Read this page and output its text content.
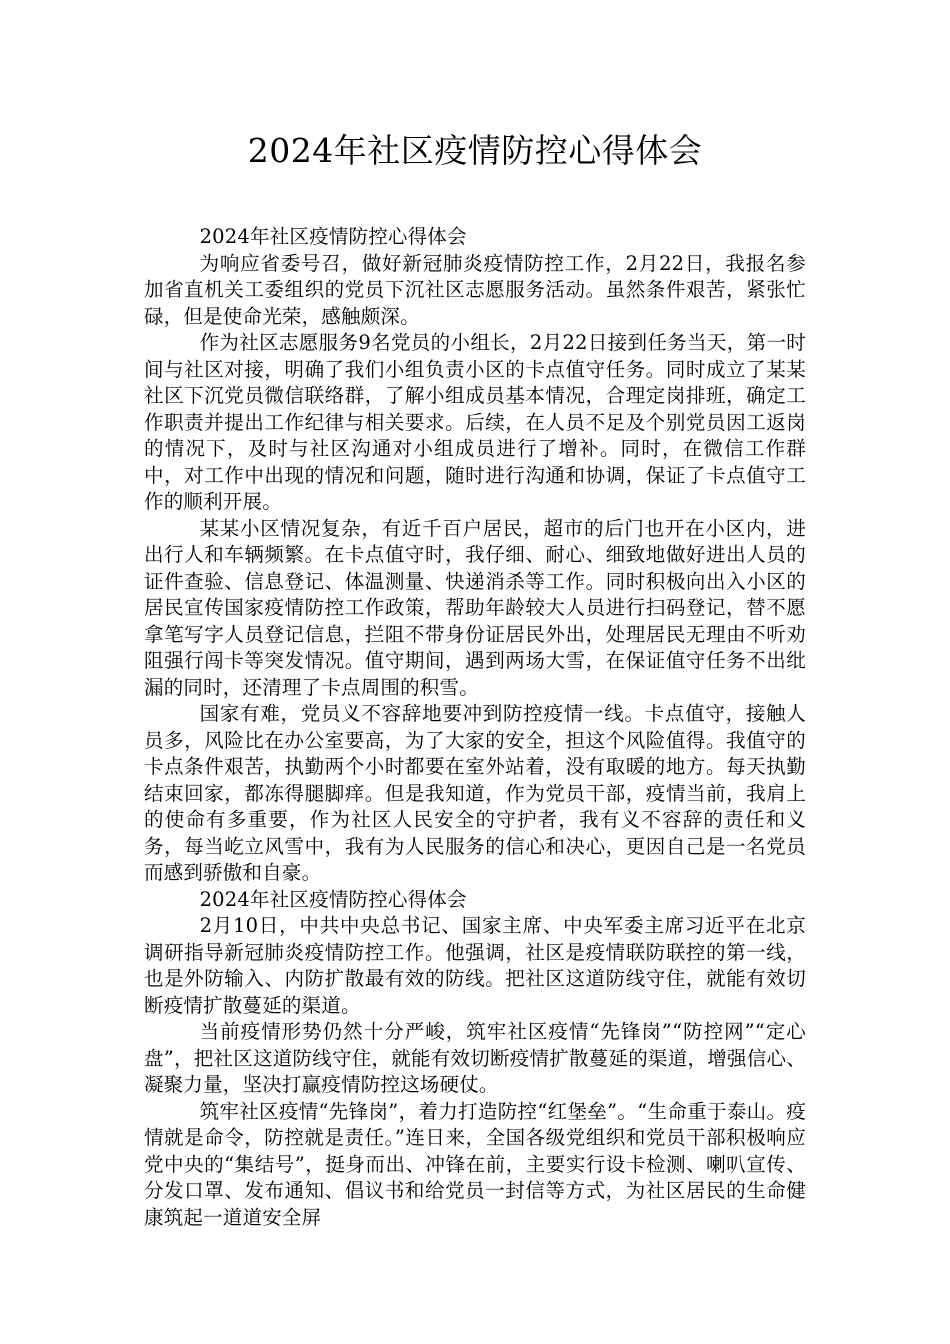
2024年社区疫情防控心得体会

2024年社区疫情防控心得体会

为响应省委号召，做好新冠肺炎疫情防控工作，2月22日，我报名参加省直机关工委组织的党员下沉社区志愿服务活动。虽然条件艰苦，紧张忙碌，但是使命光荣，感触颇深。

作为社区志愿服务9名党员的小组长，2月22日接到任务当天，第一时间与社区对接，明确了我们小组负责小区的卡点值守任务。同时成立了某某社区下沉党员微信联络群，了解小组成员基本情况，合理定岗排班，确定工作职责并提出工作纪律与相关要求。后续，在人员不足及个别党员因工返岗的情况下，及时与社区沟通对小组成员进行了增补。同时，在微信工作群中，对工作中出现的情况和问题，随时进行沟通和协调，保证了卡点值守工作的顺利开展。

某某小区情况复杂，有近千百户居民，超市的后门也开在小区内，进出行人和车辆频繁。在卡点值守时，我仔细、耐心、细致地做好进出人员的证件查验、信息登记、体温测量、快递消杀等工作。同时积极向出入小区的居民宣传国家疫情防控工作政策，帮助年龄较大人员进行扫码登记，替不愿拿笔写字人员登记信息，拦阻不带身份证居民外出，处理居民无理由不听劝阻强行闯卡等突发情况。值守期间，遇到两场大雪，在保证值守任务不出纰漏的同时，还清理了卡点周围的积雪。

国家有难，党员义不容辞地要冲到防控疫情一线。卡点值守，接触人员多，风险比在办公室要高，为了大家的安全，担这个风险值得。我值守的卡点条件艰苦，执勤两个小时都要在室外站着，没有取暖的地方。每天执勤结束回家，都冻得腿脚痒。但是我知道，作为党员干部，疫情当前，我肩上的使命有多重要，作为社区人民安全的守护者，我有义不容辞的责任和义务，每当屹立风雪中，我有为人民服务的信心和决心，更因自己是一名党员而感到骄傲和自豪。

2024年社区疫情防控心得体会

2月10日，中共中央总书记、国家主席、中央军委主席习近平在北京调研指导新冠肺炎疫情防控工作。他强调，社区是疫情联防联控的第一线，也是外防输入、内防扩散最有效的防线。把社区这道防线守住，就能有效切断疫情扩散蔓延的渠道。

当前疫情形势仍然十分严峻，筑牢社区疫情“先锋岗”“防控网”“定心盘”，把社区这道防线守住，就能有效切断疫情扩散蔓延的渠道，增强信心、凝聚力量，坚决打赢疫情防控这场硬仗。

筑牢社区疫情“先锋岗”，着力打造防控“红堡垒”。“生命重于泰山。疫情就是命令，防控就是责任。”连日来，全国各级党组织和党员干部积极响应党中央的“集结号”，挺身而出、冲锋在前，主要实行设卡检测、喇叭宣传、分发口罩、发布通知、倡议书和给党员一封信等方式，为社区居民的生命健康筑起一道道安全屏
